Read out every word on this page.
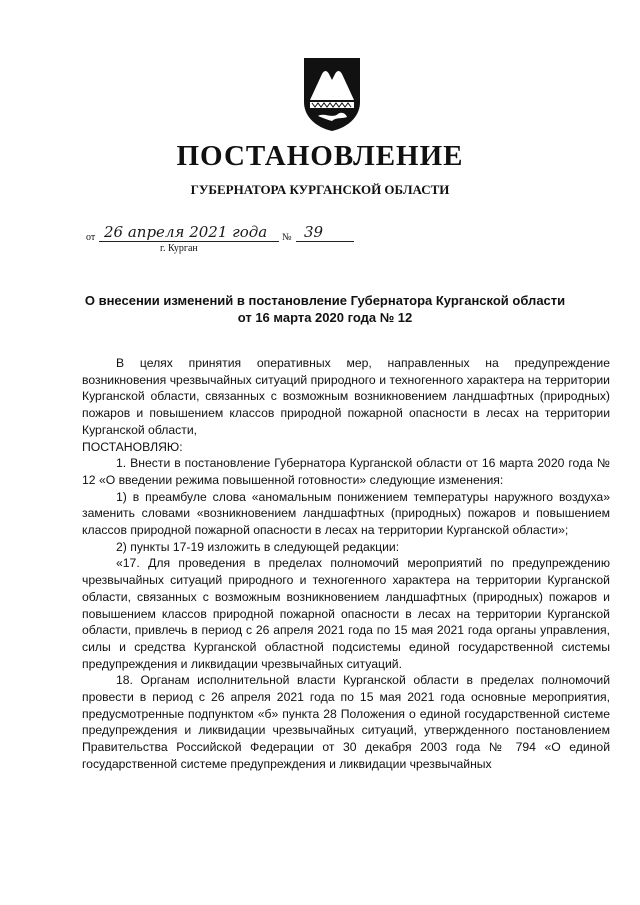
ПОСТАНОВЛЕНИЕ
ГУБЕРНАТОРА КУРГАНСКОЙ ОБЛАСТИ
от 26 апреля 2021 года № 39
г. Курган
О внесении изменений в постановление Губернатора Курганской области
от 16 марта 2020 года № 12

В целях принятия оперативных мер, направленных на предупреждение возникновения чрезвычайных ситуаций природного и техногенного характера на территории Курганской области, связанных с возможным возникновением ландшафтных (природных) пожаров и повышением классов природной пожарной опасности в лесах на территории Курганской области,

ПОСТАНОВЛЯЮ:

1. Внести в постановление Губернатора Курганской области от 16 марта 2020 года № 12 «О введении режима повышенной готовности» следующие изменения:

1) в преамбуле слова «аномальным понижением температуры наружного воздуха» заменить словами «возникновением ландшафтных (природных) пожаров и повышением классов природной пожарной опасности в лесах на территории Курганской области»;

2) пункты 17-19 изложить в следующей редакции:

«17. Для проведения в пределах полномочий мероприятий по предупреждению чрезвычайных ситуаций природного и техногенного характера на территории Курганской области, связанных с возможным возникновением ландшафтных (природных) пожаров и повышением классов природной пожарной опасности в лесах на территории Курганской области, привлечь в период с 26 апреля 2021 года по 15 мая 2021 года органы управления, силы и средства Курганской областной подсистемы единой государственной системы предупреждения и ликвидации чрезвычайных ситуаций.

18. Органам исполнительной власти Курганской области в пределах полномочий провести в период с 26 апреля 2021 года по 15 мая 2021 года основные мероприятия, предусмотренные подпунктом «б» пункта 28 Положения о единой государственной системе предупреждения и ликвидации чрезвычайных ситуаций, утвержденного постановлением Правительства Российской Федерации от 30 декабря 2003 года № 794 «О единой государственной системе предупреждения и ликвидации чрезвычайных
